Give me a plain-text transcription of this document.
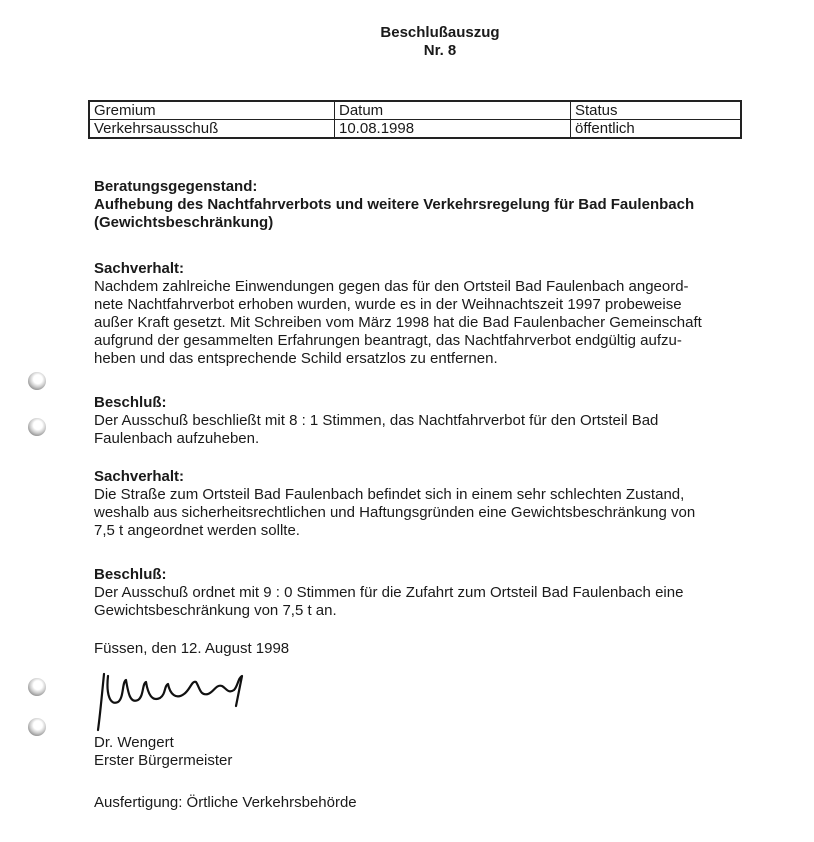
Beschlußauszug
Nr. 8
Gremium	Datum	Status
Verkehrsausschuß	10.08.1998	öffentlich
Beratungsgegenstand:
Aufhebung des Nachtfahrverbots und weitere Verkehrsregelung für Bad Faulenbach
(Gewichtsbeschränkung)
Sachverhalt:
Nachdem zahlreiche Einwendungen gegen das für den Ortsteil Bad Faulenbach angeord-
nete Nachtfahrverbot erhoben wurden, wurde es in der Weihnachtszeit 1997 probeweise
außer Kraft gesetzt. Mit Schreiben vom März 1998 hat die Bad Faulenbacher Gemeinschaft
aufgrund der gesammelten Erfahrungen beantragt, das Nachtfahrverbot endgültig aufzu-
heben und das entsprechende Schild ersatzlos zu entfernen.
Beschluß:
Der Ausschuß beschließt mit 8 : 1 Stimmen, das Nachtfahrverbot für den Ortsteil Bad
Faulenbach aufzuheben.
Sachverhalt:
Die Straße zum Ortsteil Bad Faulenbach befindet sich in einem sehr schlechten Zustand,
weshalb aus sicherheitsrechtlichen und Haftungsgründen eine Gewichtsbeschränkung von
7,5 t angeordnet werden sollte.
Beschluß:
Der Ausschuß ordnet mit 9 : 0 Stimmen für die Zufahrt zum Ortsteil Bad Faulenbach eine
Gewichtsbeschränkung von 7,5 t an.
Füssen, den 12. August 1998
Dr. Wengert
Erster Bürgermeister
Ausfertigung: Örtliche Verkehrsbehörde
